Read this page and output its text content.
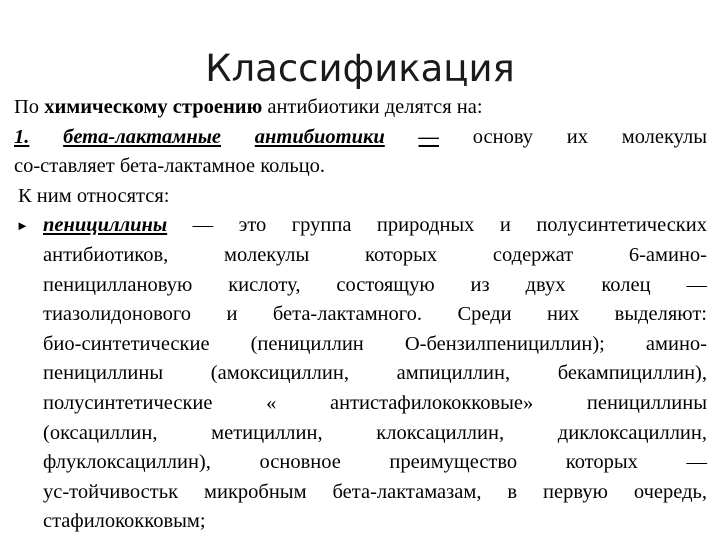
Классификация
По химическому строению антибиотики делятся на:
1. бета-лактамные антибиотики — основу их молекулы
со-ставляет бета-лактамное кольцо.
К ним относятся:
► пенициллины — это группа природных и полусинтетических
антибиотиков, молекулы которых содержат 6-амино-
пенициллановую кислоту, состоящую из двух колец —
тиазолидонового и бета-лактамного. Среди них выделяют:
био-синтетические (пенициллин О-бензилпенициллин); амино-
пенициллины (амоксициллин, ампициллин, бекампициллин),
полусинтетические « антистафилококковые» пенициллины
(оксациллин, метициллин, клоксациллин, диклоксациллин,
флуклоксациллин), основное преимущество которых —
ус-тойчивостьк микробным бета-лактамазам, в первую очередь,
стафилококковым;
